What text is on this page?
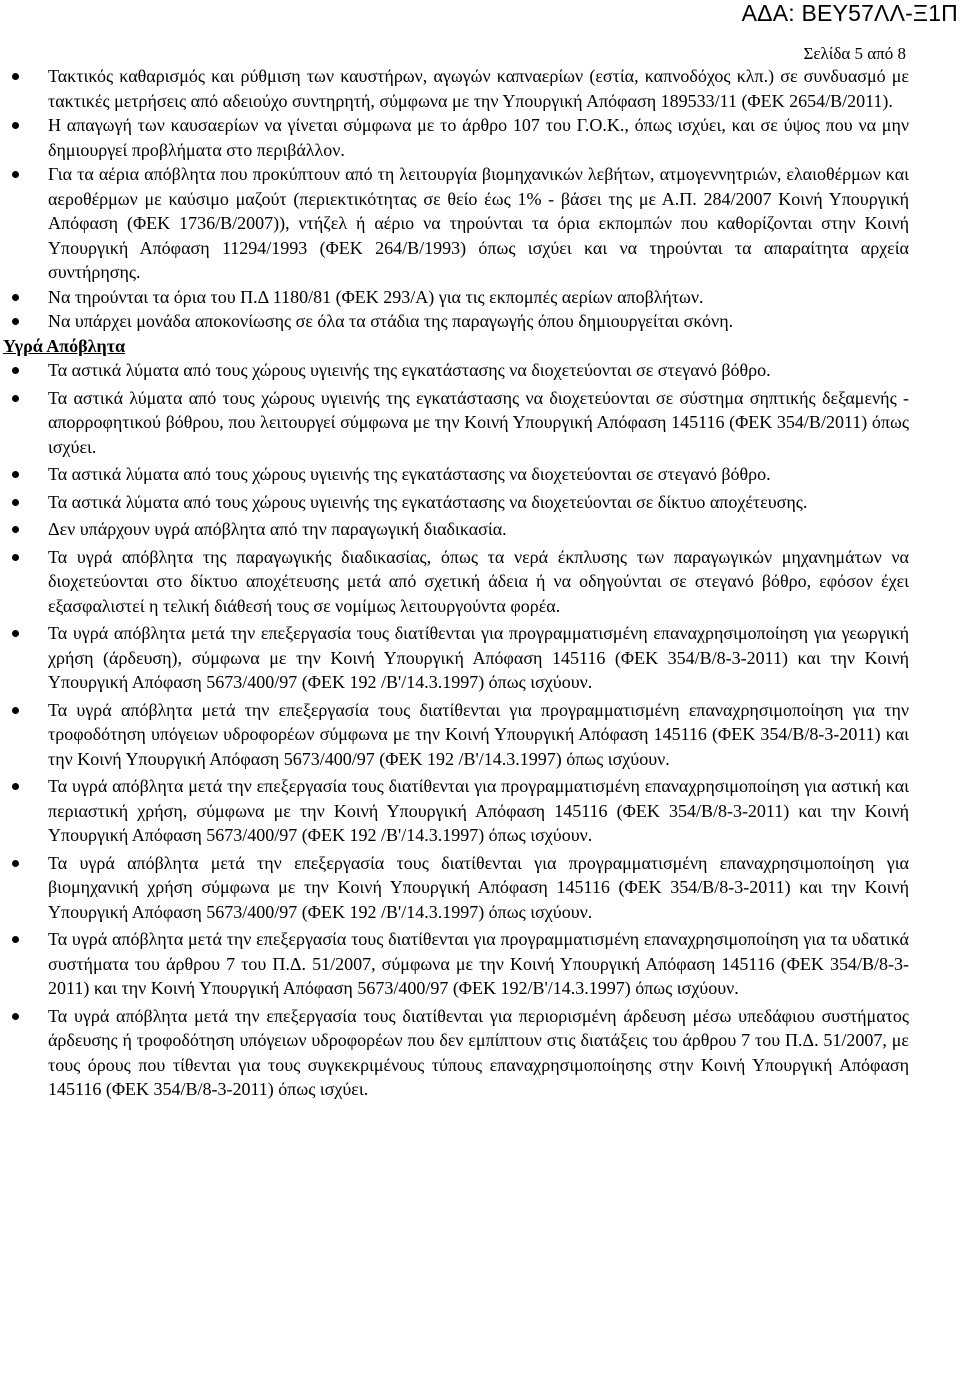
ΑΔΑ: ΒΕΥ57ΛΛ-Ξ1Π
Σελίδα 5 από 8
Τακτικός καθαρισμός και ρύθμιση των καυστήρων, αγωγών καπναερίων (εστία, καπνοδόχος κλπ.) σε συνδυασμό με τακτικές μετρήσεις από αδειούχο συντηρητή, σύμφωνα με την Υπουργική Απόφαση 189533/11 (ΦΕΚ 2654/Β/2011).
Η απαγωγή των καυσαερίων να γίνεται σύμφωνα με το άρθρο 107 του Γ.Ο.Κ., όπως ισχύει, και σε ύψος που να μην δημιουργεί προβλήματα στο περιβάλλον.
Για τα αέρια απόβλητα που προκύπτουν από τη λειτουργία βιομηχανικών λεβήτων, ατμογεννητριών, ελαιοθέρμων και αεροθέρμων με καύσιμο μαζούτ (περιεκτικότητας σε θείο έως 1% - βάσει της με Α.Π. 284/2007 Κοινή Υπουργική Απόφαση (ΦΕΚ 1736/Β/2007)), ντήζελ ή αέριο να τηρούνται τα όρια εκπομπών που καθορίζονται στην Κοινή Υπουργική Απόφαση 11294/1993 (ΦΕΚ 264/Β/1993) όπως ισχύει και να τηρούνται τα απαραίτητα αρχεία συντήρησης.
Να τηρούνται τα όρια του Π.Δ 1180/81 (ΦΕΚ 293/Α) για τις εκπομπές αερίων αποβλήτων.
Να υπάρχει μονάδα αποκονίωσης σε όλα τα στάδια της παραγωγής όπου δημιουργείται σκόνη.

Υγρά Απόβλητα

Τα αστικά λύματα από τους χώρους υγιεινής της εγκατάστασης να διοχετεύονται σε στεγανό βόθρο.
Τα αστικά λύματα από τους χώρους υγιεινής της εγκατάστασης να διοχετεύονται σε σύστημα σηπτικής δεξαμενής - απορροφητικού βόθρου, που λειτουργεί σύμφωνα με την Κοινή Υπουργική Απόφαση 145116 (ΦΕΚ 354/Β/2011) όπως ισχύει.
Τα αστικά λύματα από τους χώρους υγιεινής της εγκατάστασης να διοχετεύονται σε στεγανό βόθρο.
Τα αστικά λύματα από τους χώρους υγιεινής της εγκατάστασης να διοχετεύονται σε δίκτυο αποχέτευσης.
Δεν υπάρχουν υγρά απόβλητα από την παραγωγική διαδικασία.
Τα υγρά απόβλητα της παραγωγικής διαδικασίας, όπως τα νερά έκπλυσης των παραγωγικών μηχανημάτων να διοχετεύονται στο δίκτυο αποχέτευσης μετά από σχετική άδεια ή να οδηγούνται σε στεγανό βόθρο, εφόσον έχει εξασφαλιστεί η τελική διάθεσή τους σε νομίμως λειτουργούντα φορέα.
Τα υγρά απόβλητα μετά την επεξεργασία τους διατίθενται για προγραμματισμένη επαναχρησιμοποίηση για γεωργική χρήση (άρδευση), σύμφωνα με την Κοινή Υπουργική Απόφαση 145116 (ΦΕΚ 354/Β/8-3-2011) και την Κοινή Υπουργική Απόφαση 5673/400/97 (ΦΕΚ 192 /Β'/14.3.1997) όπως ισχύουν.
Τα υγρά απόβλητα μετά την επεξεργασία τους διατίθενται για προγραμματισμένη επαναχρησιμοποίηση για την τροφοδότηση υπόγειων υδροφορέων σύμφωνα με την Κοινή Υπουργική Απόφαση 145116 (ΦΕΚ 354/Β/8-3-2011) και την Κοινή Υπουργική Απόφαση 5673/400/97 (ΦΕΚ 192 /Β'/14.3.1997) όπως ισχύουν.
Τα υγρά απόβλητα μετά την επεξεργασία τους διατίθενται για προγραμματισμένη επαναχρησιμοποίηση για αστική και περιαστική χρήση, σύμφωνα με την Κοινή Υπουργική Απόφαση 145116 (ΦΕΚ 354/Β/8-3-2011) και την Κοινή Υπουργική Απόφαση 5673/400/97 (ΦΕΚ 192 /Β'/14.3.1997) όπως ισχύουν.
Τα υγρά απόβλητα μετά την επεξεργασία τους διατίθενται για προγραμματισμένη επαναχρησιμοποίηση για βιομηχανική χρήση σύμφωνα με την Κοινή Υπουργική Απόφαση 145116 (ΦΕΚ 354/Β/8-3-2011) και την Κοινή Υπουργική Απόφαση 5673/400/97 (ΦΕΚ 192 /Β'/14.3.1997) όπως ισχύουν.
Τα υγρά απόβλητα μετά την επεξεργασία τους διατίθενται για προγραμματισμένη επαναχρησιμοποίηση για τα υδατικά συστήματα του άρθρου 7 του Π.Δ. 51/2007, σύμφωνα με την Κοινή Υπουργική Απόφαση 145116 (ΦΕΚ 354/Β/8-3-2011) και την Κοινή Υπουργική Απόφαση 5673/400/97 (ΦΕΚ 192/Β'/14.3.1997) όπως ισχύουν.
Τα υγρά απόβλητα μετά την επεξεργασία τους διατίθενται για περιορισμένη άρδευση μέσω υπεδάφιου συστήματος άρδευσης ή τροφοδότηση υπόγειων υδροφορέων που δεν εμπίπτουν στις διατάξεις του άρθρου 7 του Π.Δ. 51/2007, με τους όρους που τίθενται για τους συγκεκριμένους τύπους επαναχρησιμοποίησης στην Κοινή Υπουργική Απόφαση 145116 (ΦΕΚ 354/Β/8-3-2011) όπως ισχύει.
